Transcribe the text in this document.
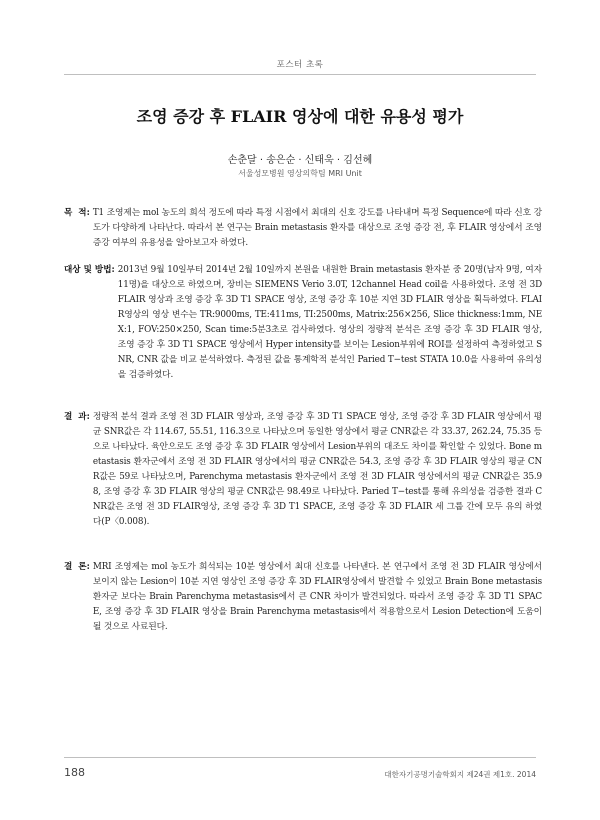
포스터 초록
조영 증강 후 FLAIR 영상에 대한 유용성 평가
손춘달 · 송은순 · 신태욱 · 김선혜
서울성모병원 영상의학팀 MRI Unit
목  적 : T1 조영제는 mol 농도의 희석 정도에 따라 특정 시점에서 최대의 신호 강도를 나타내며 특정 Sequence에 따라 신호 강도가 다양하게 나타난다. 따라서 본 연구는 Brain metastasis 환자를 대상으로 조영 증강 전, 후 FLAIR 영상에서 조영 증강 여부의 유용성을 알아보고자 하였다.
대상 및 방법 : 2013년 9월 10일부터 2014년 2월 10일까지 본원을 내원한 Brain metastasis 환자분 중 20명(남자 9명, 여자11명)을 대상으로 하였으며, 장비는 SIEMENS Verio 3.0T, 12channel Head coil을 사용하였다. 조영 전 3D FLAIR 영상과 조영 증강 후 3D T1 SPACE 영상, 조영 증강 후 10분 지연 3D FLAIR 영상을 획득하였다. FLAIR영상의 영상 변수는 TR:9000ms, TE:411ms, TI:2500ms, Matrix:256×256, Slice thickness:1mm, NEX:1, FOV:250×250, Scan time:5분3초로 검사하였다. 영상의 정량적 분석은 조영 증강 후 3D FLAIR 영상, 조영 증강 후 3D T1 SPACE 영상에서 Hyper intensity를 보이는 Lesion부위에 ROI를 설정하여 측정하였고 SNR, CNR 값을 비교 분석하였다. 측정된 값을 통계학적 분석인 Paried T−test STATA 10.0을 사용하여 유의성을 검증하였다.
결  과 : 정량적 분석 결과 조영 전 3D FLAIR 영상과, 조영 증강 후 3D T1 SPACE 영상, 조영 증강 후 3D FLAIR 영상에서 평균 SNR값은 각 114.67, 55.51, 116.3으로 나타났으며 동일한 영상에서 평균 CNR값은 각 33.37, 262.24, 75.35 등으로 나타났다. 육안으로도 조영 증강 후 3D FLAIR 영상에서 Lesion부위의 대조도 차이를 확인할 수 있었다. Bone metastasis 환자군에서 조영 전 3D FLAIR 영상에서의 평균 CNR값은 54.3, 조영 증강 후 3D FLAIR 영상의 평균 CNR값은 59로 나타났으며, Parenchyma metastasis 환자군에서 조영 전 3D FLAIR 영상에서의 평균 CNR값은 35.98, 조영 증강 후 3D FLAIR 영상의 평균 CNR값은 98.49로 나타났다. Paried T−test를 통해 유의성을 검증한 결과 CNR값은 조영 전 3D FLAIR영상, 조영 증강 후 3D T1 SPACE, 조영 증강 후 3D FLAIR 세 그룹 간에 모두 유의 하였다(P〈0.008).
결  론 : MRI 조영제는 mol 농도가 희석되는 10분 영상에서 최대 신호를 나타낸다. 본 연구에서 조영 전 3D FLAIR 영상에서 보이지 않는 Lesion이 10분 지연 영상인 조영 증강 후 3D FLAIR영상에서 발견할 수 있었고 Brain Bone metastasis 환자군 보다는 Brain Parenchyma metastasis에서 큰 CNR 차이가 발견되었다. 따라서 조영 증강 후 3D T1 SPACE, 조영 증강 후 3D FLAIR 영상을 Brain Parenchyma metastasis에서 적용함으로서 Lesion Detection에 도움이 될 것으로 사료된다.
188	대한자기공명기술학회지 제24권 제1호. 2014
